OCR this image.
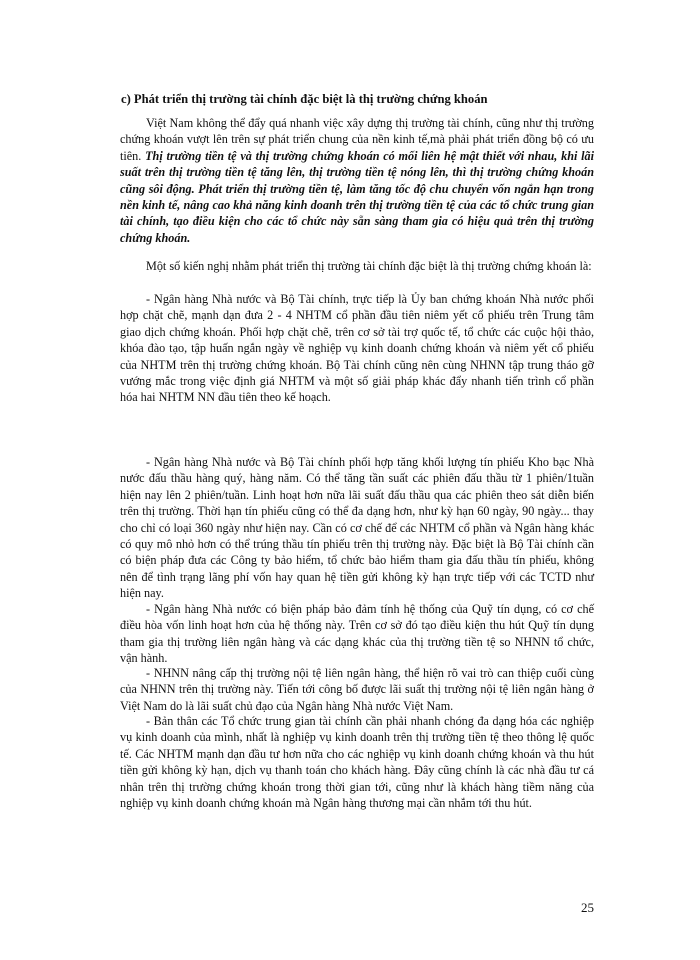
c) Phát triển thị trường tài chính đặc biệt là thị trường chứng khoán

Việt Nam không thể đẩy quá nhanh việc xây dựng thị trường tài chính, cũng như thị trường chứng khoán vượt lên trên sự phát triển chung của nền kinh tế,mà phải phát triển đồng bộ có ưu tiên. Thị trường tiền tệ và thị trường chứng khoán có mối liên hệ mật thiết với nhau, khi lãi suất trên thị trường tiền tệ tăng lên, thị trường tiền tệ nóng lên, thì thị trường chứng khoán cũng sôi động. Phát triển thị trường tiền tệ, làm tăng tốc độ chu chuyển vốn ngắn hạn trong nền kinh tế, nâng cao khả năng kinh doanh trên thị trường tiền tệ của các tổ chức trung gian tài chính, tạo điều kiện cho các tổ chức này sẵn sàng tham gia có hiệu quả trên thị trường chứng khoán.

Một số kiến nghị nhằm phát triển thị trường tài chính đặc biệt là thị trường chứng khoán là:

- Ngân hàng Nhà nước và Bộ Tài chính, trực tiếp là Ủy ban chứng khoán Nhà nước phối hợp chặt chẽ, mạnh dạn đưa 2 - 4 NHTM cổ phần đầu tiên niêm yết cổ phiếu trên Trung tâm giao dịch chứng khoán. Phối hợp chặt chẽ, trên cơ sở tài trợ quốc tế, tổ chức các cuộc hội thảo, khóa đào tạo, tập huấn ngắn ngày về nghiệp vụ kinh doanh chứng khoán và niêm yết cổ phiếu của NHTM trên thị trường chứng khoán. Bộ Tài chính cũng nên cùng NHNN tập trung tháo gỡ vướng mắc trong việc định giá NHTM và một số giải pháp khác đẩy nhanh tiến trình cổ phần hóa hai NHTM NN đầu tiên theo kế hoạch.

- Ngân hàng Nhà nước và Bộ Tài chính phối hợp tăng khối lượng tín phiếu Kho bạc Nhà nước đấu thầu hàng quý, hàng năm. Có thể tăng tần suất các phiên đấu thầu từ 1 phiên/1tuần hiện nay lên 2 phiên/tuần. Linh hoạt hơn nữa lãi suất đấu thầu qua các phiên theo sát diễn biến trên thị trường. Thời hạn tín phiếu cũng có thể đa dạng hơn, như kỳ hạn 60 ngày, 90 ngày... thay cho chỉ có loại 360 ngày như hiện nay. Cần có cơ chế để các NHTM cổ phần và Ngân hàng khác có quy mô nhỏ hơn có thể trúng thầu tín phiếu trên thị trường này. Đặc biệt là Bộ Tài chính cần có biện pháp đưa các Công ty bảo hiểm, tổ chức bảo hiểm tham gia đấu thầu tín phiếu, không nên để tình trạng lãng phí vốn hay quan hệ tiền gửi không kỳ hạn trực tiếp với các TCTD như hiện nay.

- Ngân hàng Nhà nước có biện pháp bảo đảm tính hệ thống của Quỹ tín dụng, có cơ chế điều hòa vốn linh hoạt hơn của hệ thống này. Trên cơ sở đó tạo điều kiện thu hút Quỹ tín dụng tham gia thị trường liên ngân hàng và các dạng khác của thị trường tiền tệ so NHNN tổ chức, vận hành.

- NHNN nâng cấp thị trường nội tệ liên ngân hàng, thể hiện rõ vai trò can thiệp cuối cùng của NHNN trên thị trường này. Tiến tới công bố được lãi suất thị trường nội tệ liên ngân hàng ở Việt Nam do là lãi suất chủ đạo của Ngân hàng Nhà nước Việt Nam.

- Bản thân các Tổ chức trung gian tài chính cần phải nhanh chóng đa dạng hóa các nghiệp vụ kinh doanh của mình, nhất là nghiệp vụ kinh doanh trên thị trường tiền tệ theo thông lệ quốc tế. Các NHTM mạnh dạn đầu tư hơn nữa cho các nghiệp vụ kinh doanh chứng khoán và thu hút tiền gửi không kỳ hạn, dịch vụ thanh toán cho khách hàng. Đây cũng chính là các nhà đầu tư cá nhân trên thị trường chứng khoán trong thời gian tới, cũng như là khách hàng tiềm năng của nghiệp vụ kinh doanh chứng khoán mà Ngân hàng thương mại cần nhắm tới thu hút.

25
